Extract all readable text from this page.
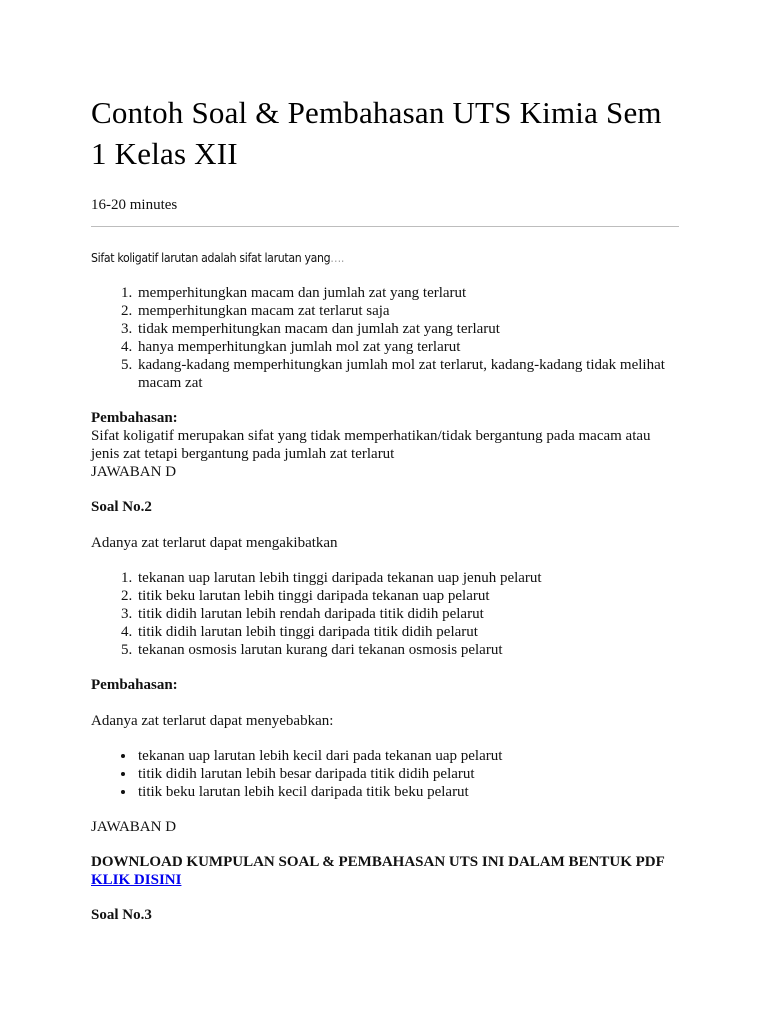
Contoh Soal & Pembahasan UTS Kimia Sem
1 Kelas XII
16-20 minutes
Sifat koligatif larutan adalah sifat larutan yang….
1. memperhitungkan macam dan jumlah zat yang terlarut
2. memperhitungkan macam zat terlarut saja
3. tidak memperhitungkan macam dan jumlah zat yang terlarut
4. hanya memperhitungkan jumlah mol zat yang terlarut
5. kadang-kadang memperhitungkan jumlah mol zat terlarut, kadang-kadang tidak melihat macam zat

Pembahasan:

Sifat koligatif merupakan sifat yang tidak memperhatikan/tidak bergantung pada macam atau jenis zat tetapi bergantung pada jumlah zat terlarut

JAWABAN D

Soal No.2

Adanya zat terlarut dapat mengakibatkan

1. tekanan uap larutan lebih tinggi daripada tekanan uap jenuh pelarut
2. titik beku larutan lebih tinggi daripada tekanan uap pelarut
3. titik didih larutan lebih rendah daripada titik didih pelarut
4. titik didih larutan lebih tinggi daripada titik didih pelarut
5. tekanan osmosis larutan kurang dari tekanan osmosis pelarut

Pembahasan:

Adanya zat terlarut dapat menyebabkan:

• tekanan uap larutan lebih kecil dari pada tekanan uap pelarut
• titik didih larutan lebih besar daripada titik didih pelarut
• titik beku larutan lebih kecil daripada titik beku pelarut

JAWABAN D

DOWNLOAD KUMPULAN SOAL & PEMBAHASAN UTS INI DALAM BENTUK PDF

KLIK DISINI

Soal No.3
